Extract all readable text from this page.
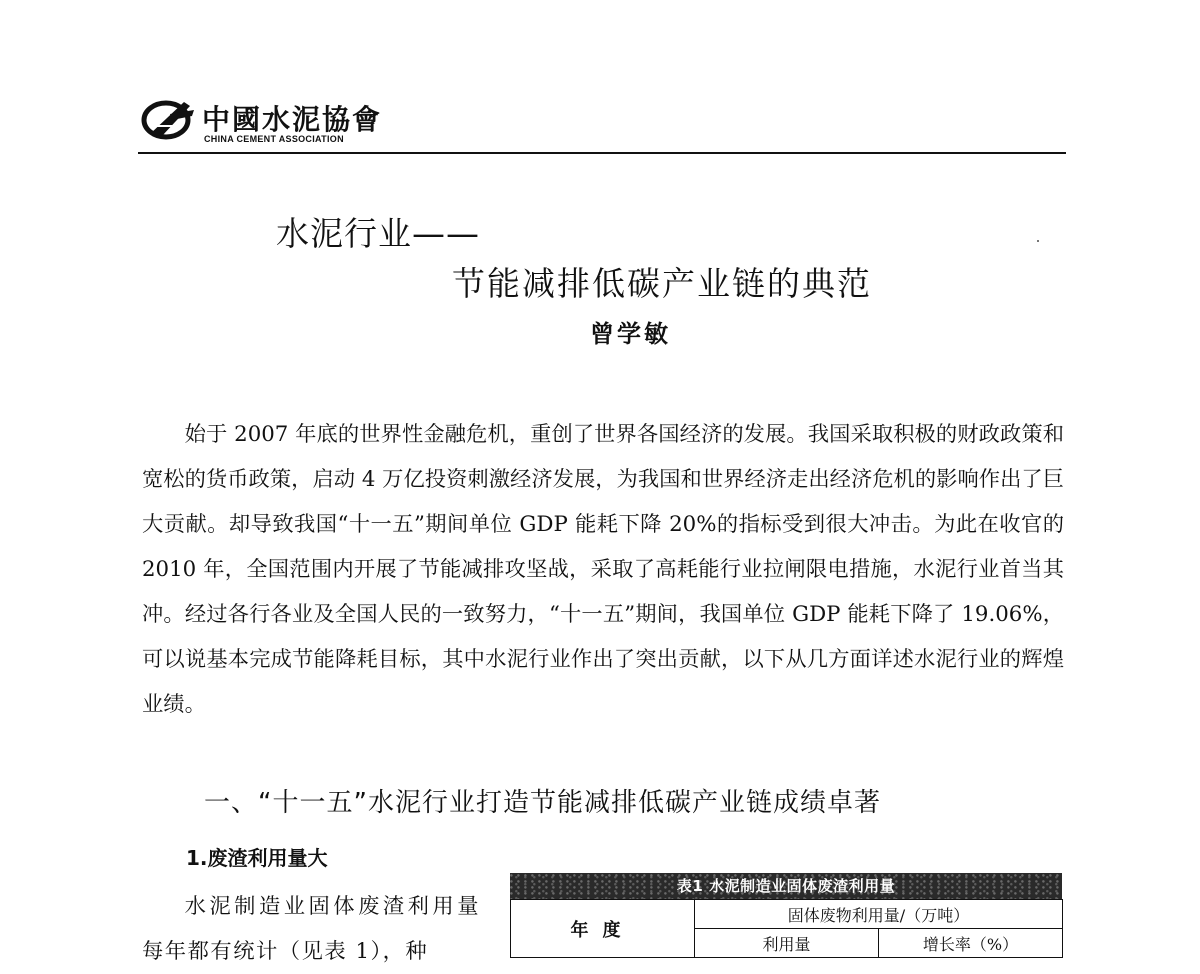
中國水泥協會
CHINA CEMENT ASSOCIATION
水泥行业——
节能减排低碳产业链的典范
曾学敏

始于 2007 年底的世界性金融危机，重创了世界各国经济的发展。我国采取积极的财政政策和宽松的货币政策，启动 4 万亿投资刺激经济发展，为我国和世界经济走出经济危机的影响作出了巨大贡献。却导致我国“十一五”期间单位 GDP 能耗下降 20%的指标受到很大冲击。为此在收官的 2010 年，全国范围内开展了节能减排攻坚战，采取了高耗能行业拉闸限电措施，水泥行业首当其冲。经过各行各业及全国人民的一致努力，“十一五”期间，我国单位 GDP 能耗下降了 19.06%，可以说基本完成节能降耗目标，其中水泥行业作出了突出贡献，以下从几方面详述水泥行业的辉煌业绩。

一、“十一五”水泥行业打造节能减排低碳产业链成绩卓著
1.废渣利用量大

水泥制造业固体废渣利用量每年都有统计（见表 1），种

表1 水泥制造业固体废渣利用量
年度	固体废物利用量/（万吨）	
	利用量	增长率（%）
